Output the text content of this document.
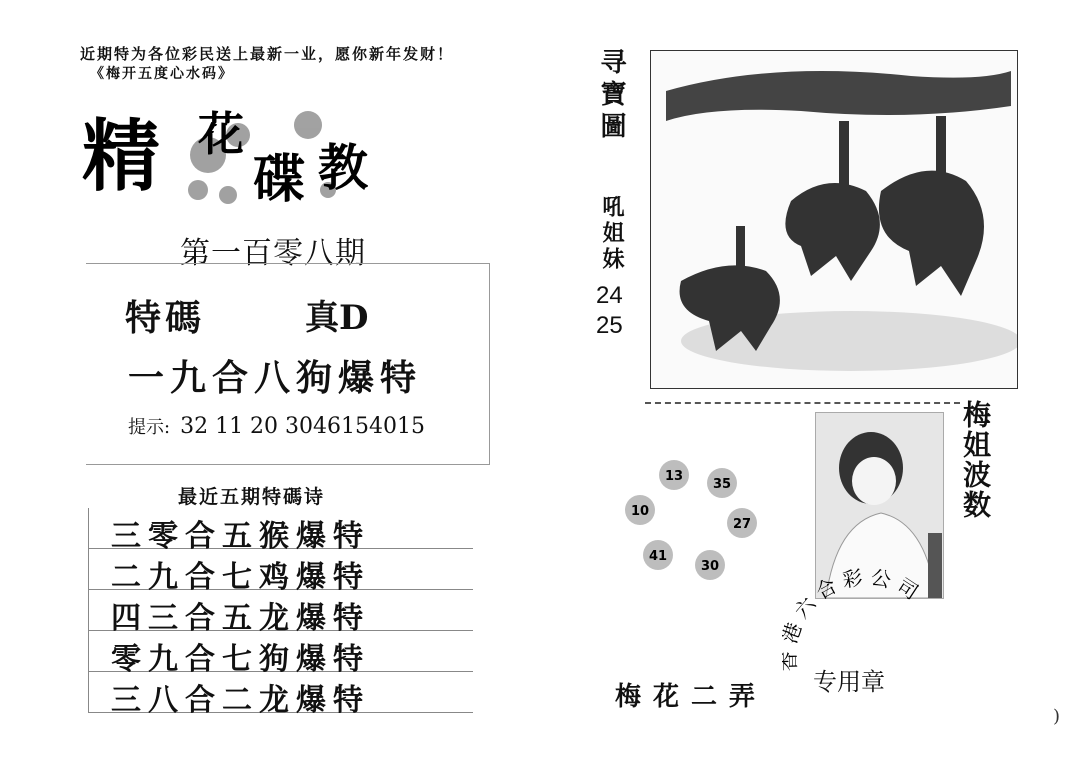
近期特为各位彩民送上最新一业，愿你新年发财！
《梅开五度心水码》
精 花
碟 教
第一百零八期
特碼	真D
一九合八狗爆特
提示: 32 11 20 3046154015
最近五期特碼诗
三零合五猴爆特
二九合七鸡爆特
四三合五龙爆特
零九合七狗爆特
三八合二龙爆特
寻寶圖
吼姐妹
24
25
梅姐波数
13
35
27
30
41
10
梅花二弄
六合彩公司
专用章
)
